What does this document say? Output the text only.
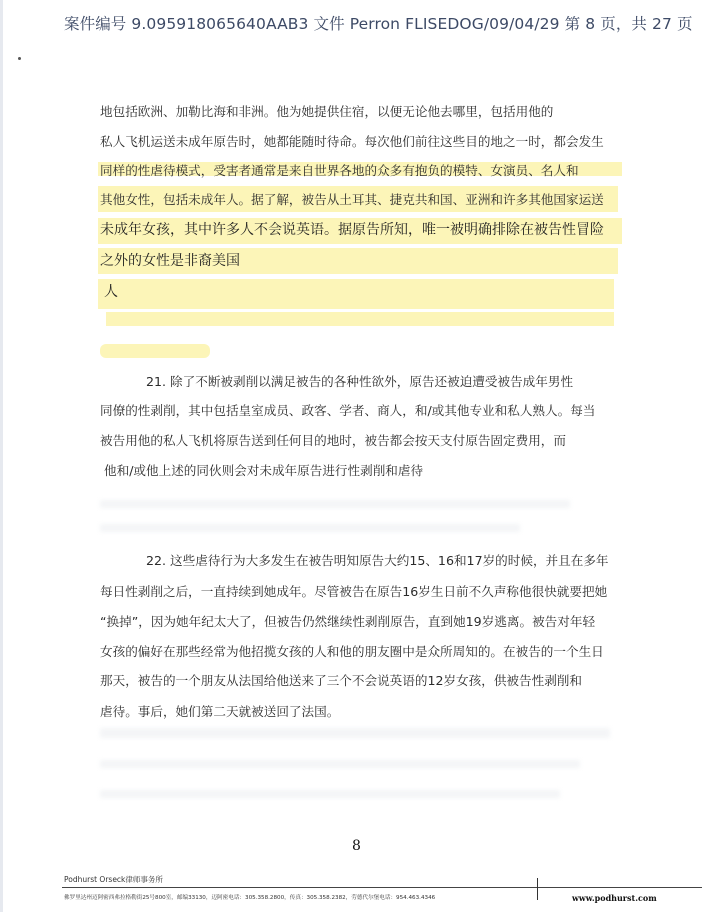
案件编号 9.095918065640AAB3 文件 Perron FLISEDOG/09/04/29 第 8 页，共 27 页
地包括欧洲、加勒比海和非洲。他为她提供住宿，以便无论他去哪里，包括用他的
私人飞机运送未成年原告时，她都能随时待命。每次他们前往这些目的地之一时，都会发生
同样的性虐待模式，受害者通常是来自世界各地的众多有抱负的模特、女演员、名人和
其他女性，包括未成年人。据了解，被告从土耳其、捷克共和国、亚洲和许多其他国家运送
未成年女孩，其中许多人不会说英语。据原告所知，唯一被明确排除在被告性冒险
之外的女性是非裔美国
人
21. 除了不断被剥削以满足被告的各种性欲外，原告还被迫遭受被告成年男性
同僚的性剥削，其中包括皇室成员、政客、学者、商人，和/或其他专业和私人熟人。每当
被告用他的私人飞机将原告送到任何目的地时，被告都会按天支付原告固定费用，而
他和/或他上述的同伙则会对未成年原告进行性剥削和虐待
22. 这些虐待行为大多发生在被告明知原告大约15、16和17岁的时候，并且在多年
每日性剥削之后，一直持续到她成年。尽管被告在原告16岁生日前不久声称他很快就要把她
“换掉”，因为她年纪太大了，但被告仍然继续性剥削原告，直到她19岁逃离。被告对年轻
女孩的偏好在那些经常为他招揽女孩的人和他的朋友圈中是众所周知的。在被告的一个生日
那天，被告的一个朋友从法国给他送来了三个不会说英语的12岁女孩，供被告性剥削和
虐待。事后，她们第二天就被送回了法国。
8
Podhurst Orseck律师事务所
佛罗里达州迈阿密西弗拉格勒街25号800室，邮编33130，迈阿密电话：305.358.2800，传真：305.358.2382，劳德代尔堡电话：954.463.4346	www.podhurst.com
